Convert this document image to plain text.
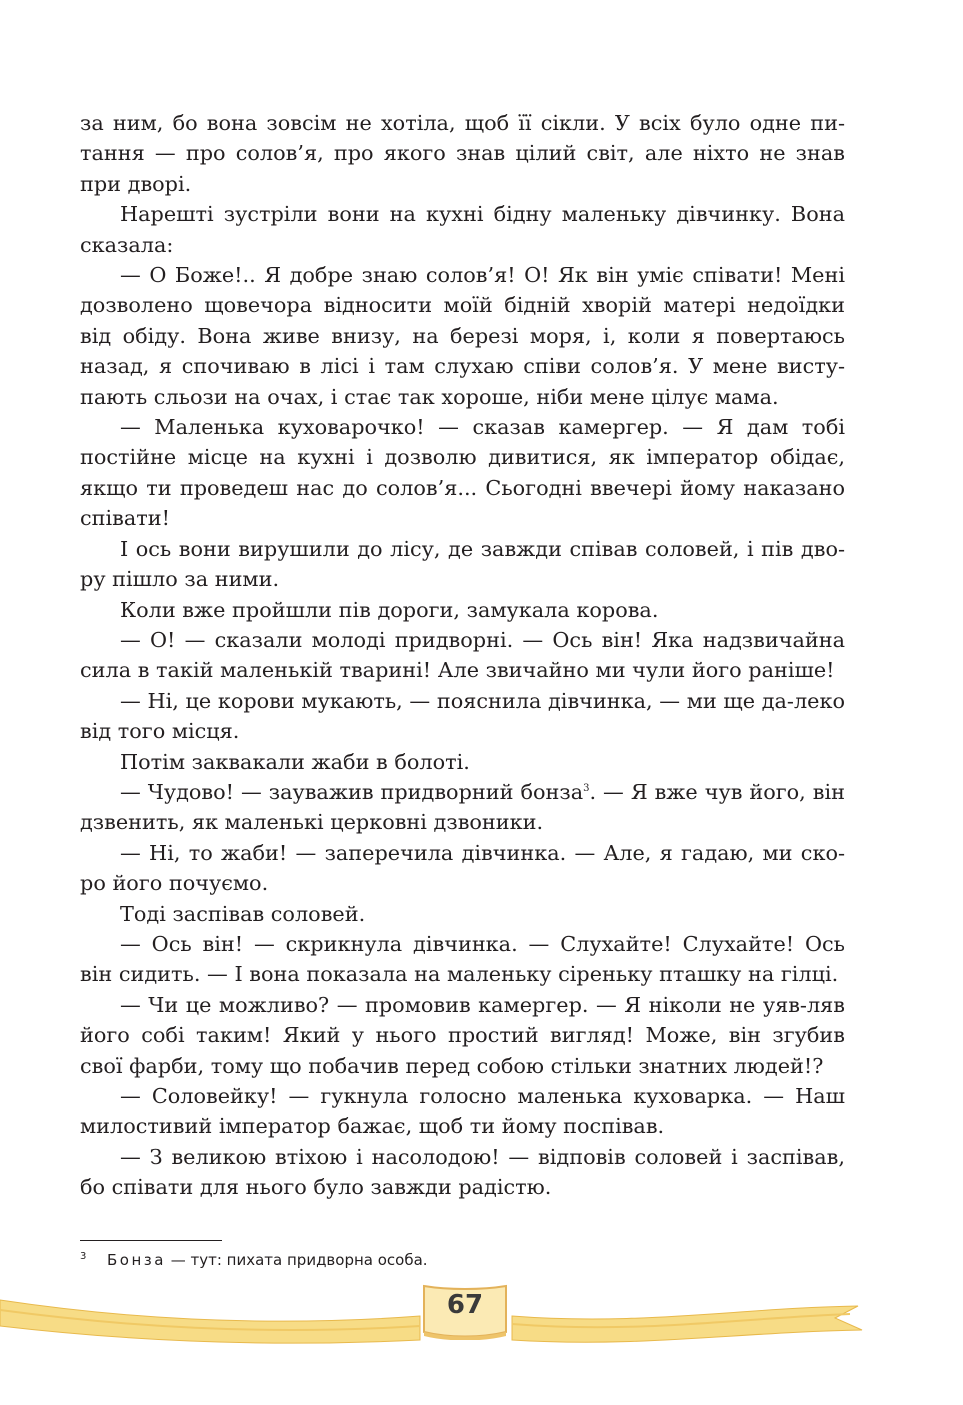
за ним, бо вона зовсім не хотіла, щоб її сікли. У всіх було одне пи-тання — про солов’я, про якого знав цілий світ, але ніхто не знав при дворі.

Нарешті зустріли вони на кухні бідну маленьку дівчинку. Вона сказала:

— О Боже!.. Я добре знаю солов’я! О! Як він уміє співати! Мені дозволено щовечора відносити моїй бідній хворій матері недоїдки від обіду. Вона живе внизу, на березі моря, і, коли я повертаюсь назад, я спочиваю в лісі і там слухаю співи солов’я. У мене висту-пають сльози на очах, і стає так хороше, ніби мене цілує мама.

— Маленька куховарочко! — сказав камергер. — Я дам тобі постійне місце на кухні і дозволю дивитися, як імператор обідає, якщо ти проведеш нас до солов’я... Сьогодні ввечері йому наказано співати!

І ось вони вирушили до лісу, де завжди співав соловей, і пів дво-ру пішло за ними.

Коли вже пройшли пів дороги, замукала корова.

— О! — сказали молоді придворні. — Ось він! Яка надзвичайна сила в такій маленькій тварині! Але звичайно ми чули його раніше!

— Ні, це корови мукають, — пояснила дівчинка, — ми ще да-леко від того місця.

Потім заквакали жаби в болоті.

— Чудово! — зауважив придворний бонза$^3$. — Я вже чув його, він дзвенить, як маленькі церковні дзвоники.

— Ні, то жаби! — заперечила дівчинка. — Але, я гадаю, ми ско-ро його почуємо.

Тоді заспівав соловей.

— Ось він! — скрикнула дівчинка. — Слухайте! Слухайте! Ось він сидить. — І вона показала на маленьку сіреньку пташку на гілці.

— Чи це можливо? — промовив камергер. — Я ніколи не уяв-ляв його собі таким! Який у нього простий вигляд! Може, він згубив свої фарби, тому що побачив перед собою стільки знатних людей!?

— Соловейку! — гукнула голосно маленька куховарка. — Наш милостивий імператор бажає, щоб ти йому поспівав.

— З великою втіхою і насолодою! — відповів соловей і заспівав, бо співати для нього було завжди радістю.

3 Бонза — тут: пихата придворна особа.
67
